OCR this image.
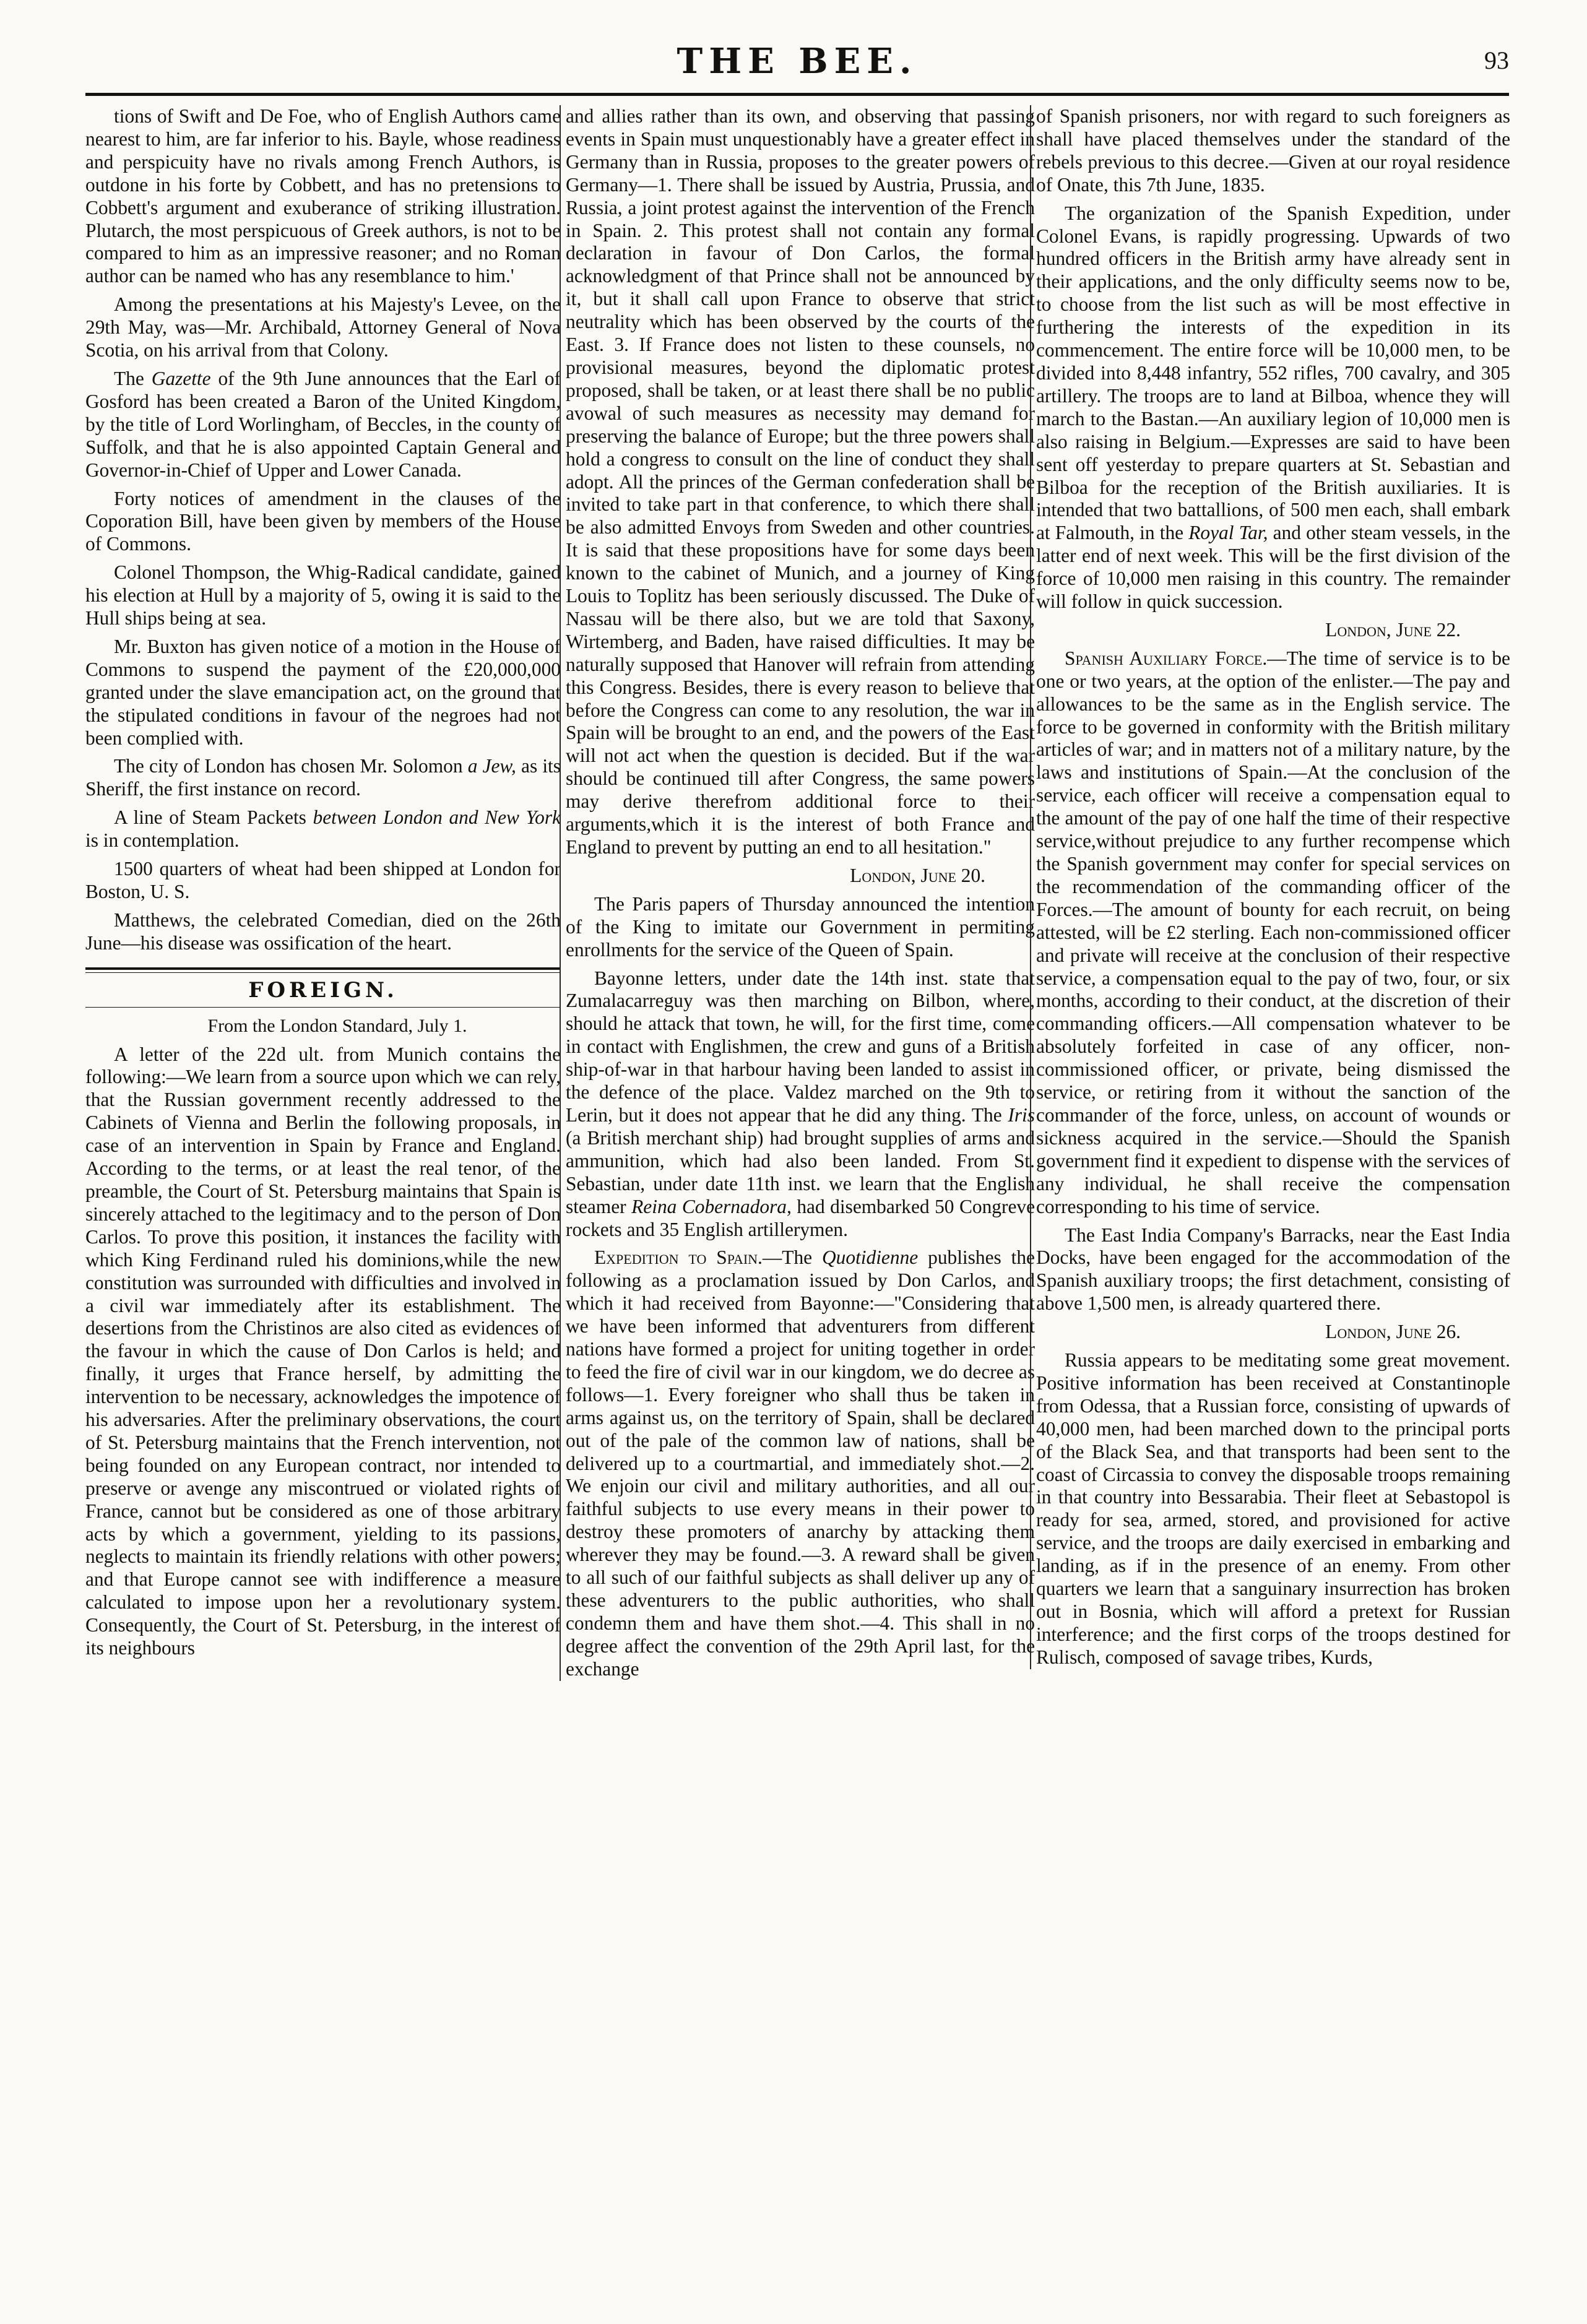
THE BEE.	93

tions of Swift and De Foe, who of English Authors came nearest to him, are far inferior to his. Bayle, whose readiness and perspicuity have no rivals among French Authors, is outdone in his forte by Cobbett, and has no pretensions to Cobbett's argument and exuberance of striking illustration. Plutarch, the most perspicuous of Greek authors, is not to be compared to him as an impressive reasoner; and no Roman author can be named who has any resemblance to him.'

Among the presentations at his Majesty's Levee, on the 29th May, was—Mr. Archibald, Attorney General of Nova Scotia, on his arrival from that Colony.

The Gazette of the 9th June announces that the Earl of Gosford has been created a Baron of the United Kingdom, by the title of Lord Worlingham, of Beccles, in the county of Suffolk, and that he is also appointed Captain General and Governor-in-Chief of Upper and Lower Canada.

Forty notices of amendment in the clauses of the Coporation Bill, have been given by members of the House of Commons.

Colonel Thompson, the Whig-Radical candidate, gained his election at Hull by a majority of 5, owing it is said to the Hull ships being at sea.

Mr. Buxton has given notice of a motion in the House of Commons to suspend the payment of the £20,000,000 granted under the slave emancipation act, on the ground that the stipulated conditions in favour of the negroes had not been complied with.

The city of London has chosen Mr. Solomon a Jew, as its Sheriff, the first instance on record.

A line of Steam Packets between London and New York is in contemplation.

1500 quarters of wheat had been shipped at London for Boston, U. S.

Matthews, the celebrated Comedian, died on the 26th June—his disease was ossification of the heart.

FOREIGN.

From the London Standard, July 1.

A letter of the 22d ult. from Munich contains the following:—We learn from a source upon which we can rely, that the Russian government recently addressed to the Cabinets of Vienna and Berlin the following proposals, in case of an intervention in Spain by France and England. According to the terms, or at least the real tenor, of the preamble, the Court of St. Petersburg maintains that Spain is sincerely attached to the legitimacy and to the person of Don Carlos. To prove this position, it instances the facility with which King Ferdinand ruled his dominions,while the new constitution was surrounded with difficulties and involved in a civil war immediately after its establishment. The desertions from the Christinos are also cited as evidences of the favour in which the cause of Don Carlos is held; and finally, it urges that France herself, by admitting the intervention to be necessary, acknowledges the impotence of his adversaries. After the preliminary observations, the court of St. Petersburg maintains that the French intervention, not being founded on any European contract, nor intended to preserve or avenge any miscontrued or violated rights of France, cannot but be considered as one of those arbitrary acts by which a government, yielding to its passions, neglects to maintain its friendly relations with other powers; and that Europe cannot see with indifference a measure calculated to impose upon her a revolutionary system. Consequently, the Court of St. Petersburg, in the interest of its neighbours

and allies rather than its own, and observing that passing events in Spain must unquestionably have a greater effect in Germany than in Russia, proposes to the greater powers of Germany—1. There shall be issued by Austria, Prussia, and Russia, a joint protest against the intervention of the French in Spain. 2. This protest shall not contain any formal declaration in favour of Don Carlos, the formal acknowledgment of that Prince shall not be announced by it, but it shall call upon France to observe that strict neutrality which has been observed by the courts of the East. 3. If France does not listen to these counsels, no provisional measures, beyond the diplomatic protest proposed, shall be taken, or at least there shall be no public avowal of such measures as necessity may demand for preserving the balance of Europe; but the three powers shall hold a congress to consult on the line of conduct they shall adopt. All the princes of the German confederation shall be invited to take part in that conference, to which there shall be also admitted Envoys from Sweden and other countries. It is said that these propositions have for some days been known to the cabinet of Munich, and a journey of King Louis to Toplitz has been seriously discussed. The Duke of Nassau will be there also, but we are told that Saxony, Wirtemberg, and Baden, have raised difficulties. It may be naturally supposed that Hanover will refrain from attending this Congress. Besides, there is every reason to believe that before the Congress can come to any resolution, the war in Spain will be brought to an end, and the powers of the East will not act when the question is decided. But if the war should be continued till after Congress, the same powers may derive therefrom additional force to their arguments,which it is the interest of both France and England to prevent by putting an end to all hesitation."

London, June 20.

The Paris papers of Thursday announced the intention of the King to imitate our Government in permiting enrollments for the service of the Queen of Spain.

Bayonne letters, under date the 14th inst. state that Zumalacarreguy was then marching on Bilbon, where, should he attack that town, he will, for the first time, come in contact with Englishmen, the crew and guns of a British ship-of-war in that harbour having been landed to assist in the defence of the place. Valdez marched on the 9th to Lerin, but it does not appear that he did any thing. The Iris (a British merchant ship) had brought supplies of arms and ammunition, which had also been landed. From St. Sebastian, under date 11th inst. we learn that the English steamer Reina Cobernadora, had disembarked 50 Congreve rockets and 35 English artillerymen.

Expedition to Spain.—The Quotidienne publishes the following as a proclamation issued by Don Carlos, and which it had received from Bayonne:—"Considering that we have been informed that adventurers from different nations have formed a project for uniting together in order to feed the fire of civil war in our kingdom, we do decree as follows—1. Every foreigner who shall thus be taken in arms against us, on the territory of Spain, shall be declared out of the pale of the common law of nations, shall be delivered up to a courtmartial, and immediately shot.—2. We enjoin our civil and military authorities, and all our faithful subjects to use every means in their power to destroy these promoters of anarchy by attacking them wherever they may be found.—3. A reward shall be given to all such of our faithful subjects as shall deliver up any of these adventurers to the public authorities, who shall condemn them and have them shot.—4. This shall in no degree affect the convention of the 29th April last, for the exchange

of Spanish prisoners, nor with regard to such foreigners as shall have placed themselves under the standard of the rebels previous to this decree.—Given at our royal residence of Onate, this 7th June, 1835.

The organization of the Spanish Expedition, under Colonel Evans, is rapidly progressing. Upwards of two hundred officers in the British army have already sent in their applications, and the only difficulty seems now to be, to choose from the list such as will be most effective in furthering the interests of the expedition in its commencement. The entire force will be 10,000 men, to be divided into 8,448 infantry, 552 rifles, 700 cavalry, and 305 artillery. The troops are to land at Bilboa, whence they will march to the Bastan.—An auxiliary legion of 10,000 men is also raising in Belgium.—Expresses are said to have been sent off yesterday to prepare quarters at St. Sebastian and Bilboa for the reception of the British auxiliaries. It is intended that two battallions, of 500 men each, shall embark at Falmouth, in the Royal Tar, and other steam vessels, in the latter end of next week. This will be the first division of the force of 10,000 men raising in this country. The remainder will follow in quick succession.

London, June 22.

Spanish Auxiliary Force.—The time of service is to be one or two years, at the option of the enlister.—The pay and allowances to be the same as in the English service. The force to be governed in conformity with the British military articles of war; and in matters not of a military nature, by the laws and institutions of Spain.—At the conclusion of the service, each officer will receive a compensation equal to the amount of the pay of one half the time of their respective service,without prejudice to any further recompense which the Spanish government may confer for special services on the recommendation of the commanding officer of the Forces.—The amount of bounty for each recruit, on being attested, will be £2 sterling. Each non-commissioned officer and private will receive at the conclusion of their respective service, a compensation equal to the pay of two, four, or six months, according to their conduct, at the discretion of their commanding officers.—All compensation whatever to be absolutely forfeited in case of any officer, non-commissioned officer, or private, being dismissed the service, or retiring from it without the sanction of the commander of the force, unless, on account of wounds or sickness acquired in the service.—Should the Spanish government find it expedient to dispense with the services of any individual, he shall receive the compensation corresponding to his time of service.

The East India Company's Barracks, near the East India Docks, have been engaged for the accommodation of the Spanish auxiliary troops; the first detachment, consisting of above 1,500 men, is already quartered there.

London, June 26.

Russia appears to be meditating some great movement. Positive information has been received at Constantinople from Odessa, that a Russian force, consisting of upwards of 40,000 men, had been marched down to the principal ports of the Black Sea, and that transports had been sent to the coast of Circassia to convey the disposable troops remaining in that country into Bessarabia. Their fleet at Sebastopol is ready for sea, armed, stored, and provisioned for active service, and the troops are daily exercised in embarking and landing, as if in the presence of an enemy. From other quarters we learn that a sanguinary insurrection has broken out in Bosnia, which will afford a pretext for Russian interference; and the first corps of the troops destined for Rulisch, composed of savage tribes, Kurds,
